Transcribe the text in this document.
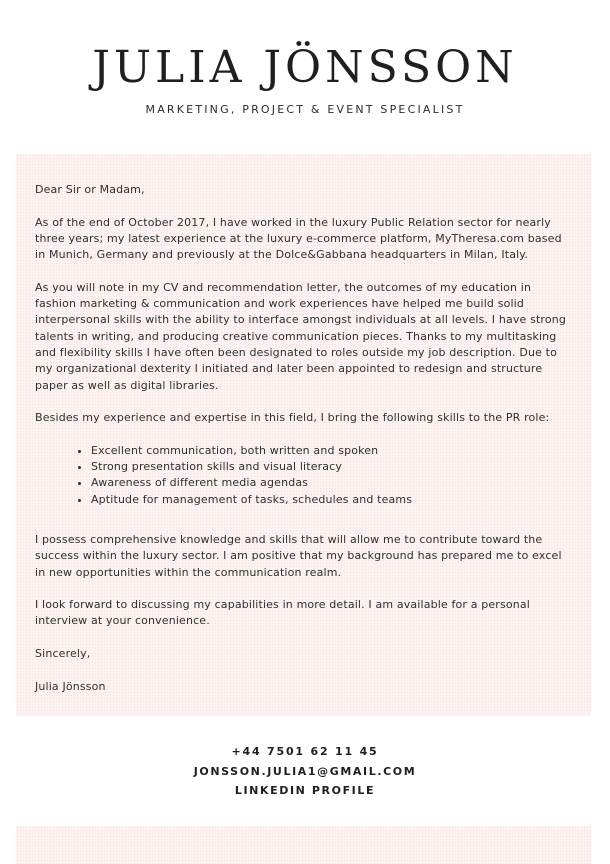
JULIA JÖNSSON
MARKETING, PROJECT & EVENT SPECIALIST

Dear Sir or Madam,

As of the end of October 2017, I have worked in the luxury Public Relation sector for nearly three years; my latest experience at the luxury e-commerce platform, MyTheresa.com based in Munich, Germany and previously at the Dolce&Gabbana headquarters in Milan, Italy.

As you will note in my CV and recommendation letter, the outcomes of my education in fashion marketing & communication and work experiences have helped me build solid interpersonal skills with the ability to interface amongst individuals at all levels. I have strong talents in writing, and producing creative communication pieces. Thanks to my multitasking and flexibility skills I have often been designated to roles outside my job description. Due to my organizational dexterity I initiated and later been appointed to redesign and structure paper as well as digital libraries.

Besides my experience and expertise in this field, I bring the following skills to the PR role:

• Excellent communication, both written and spoken
• Strong presentation skills and visual literacy
• Awareness of different media agendas
• Aptitude for management of tasks, schedules and teams

I possess comprehensive knowledge and skills that will allow me to contribute toward the success within the luxury sector. I am positive that my background has prepared me to excel in new opportunities within the communication realm.

I look forward to discussing my capabilities in more detail. I am available for a personal interview at your convenience.

Sincerely,

Julia Jönsson

+44 7501 62 11 45
JONSSON.JULIA1@GMAIL.COM
LINKEDIN PROFILE
